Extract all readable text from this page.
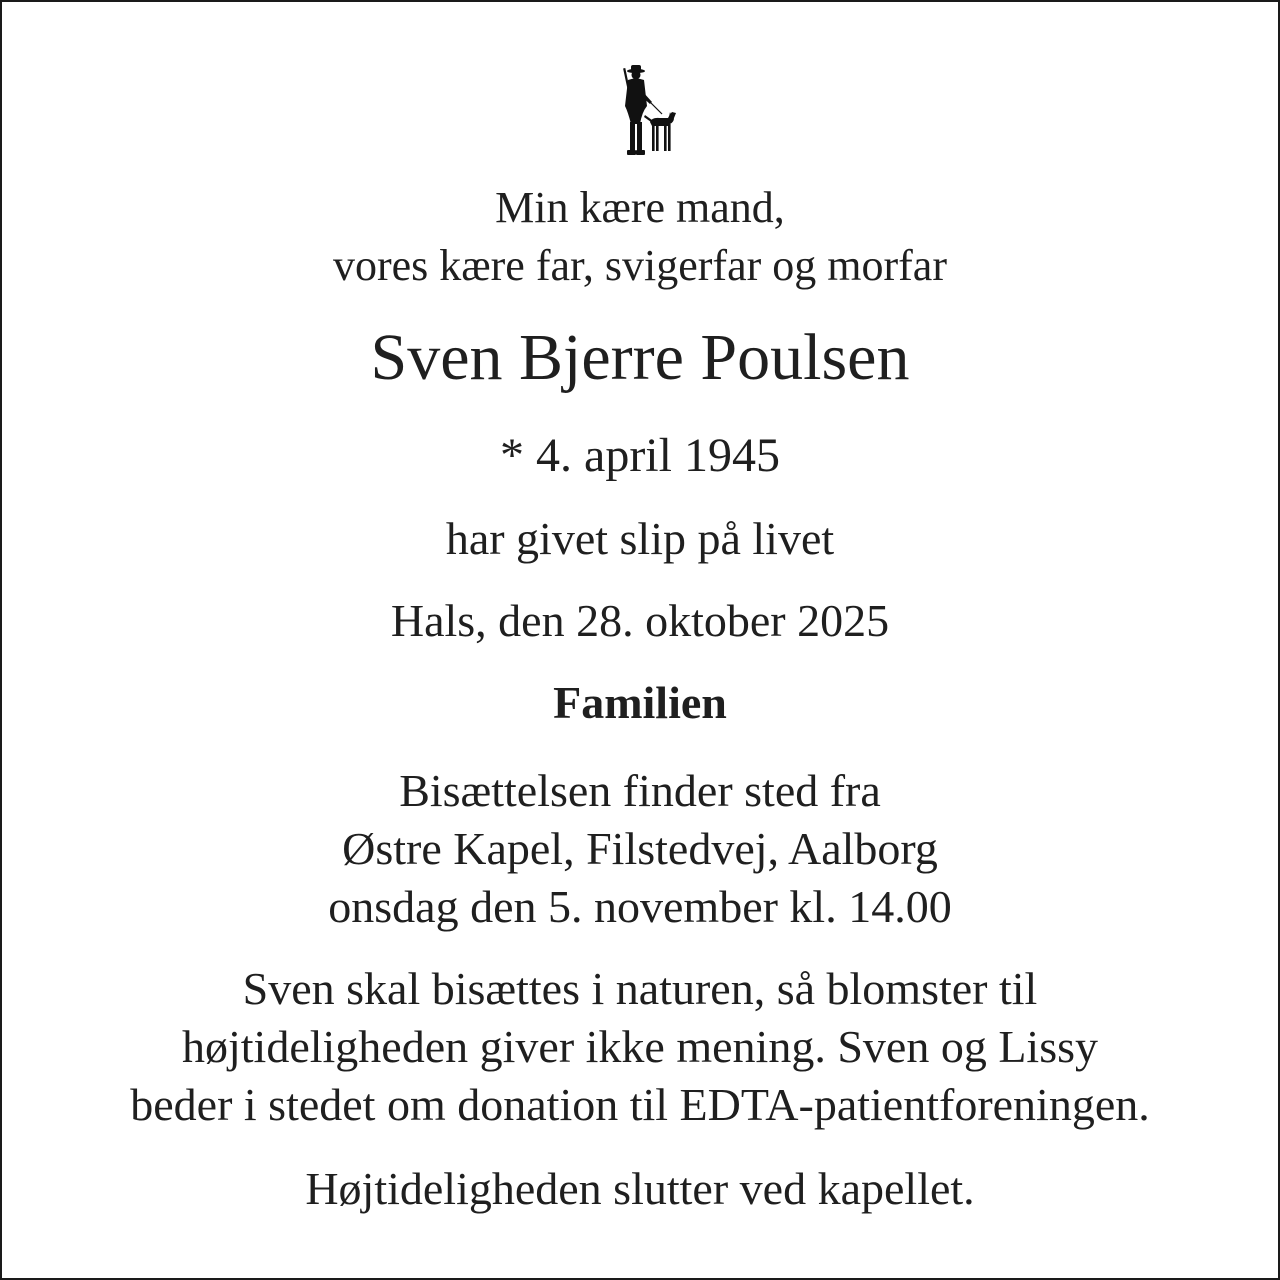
Min kære mand,
vores kære far, svigerfar og morfar
Sven Bjerre Poulsen
* 4. april 1945
har givet slip på livet
Hals, den 28. oktober 2025
Familien
Bisættelsen finder sted fra
Østre Kapel, Filstedvej, Aalborg
onsdag den 5. november kl. 14.00
Sven skal bisættes i naturen, så blomster til
højtideligheden giver ikke mening. Sven og Lissy
beder i stedet om donation til EDTA-patientforeningen.
Højtideligheden slutter ved kapellet.
